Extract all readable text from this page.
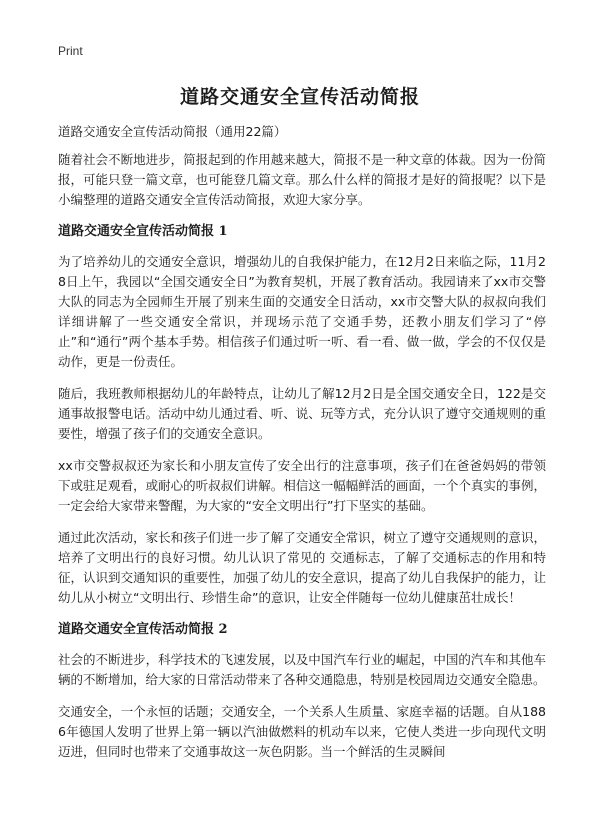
Print
道路交通安全宣传活动简报
道路交通安全宣传活动简报（通用22篇）

随着社会不断地进步，简报起到的作用越来越大，简报不是一种文章的体裁。因为一份简报，可能只登一篇文章，也可能登几篇文章。那么什么样的简报才是好的简报呢？以下是小编整理的道路交通安全宣传活动简报，欢迎大家分享。

道路交通安全宣传活动简报 1

为了培养幼儿的交通安全意识，增强幼儿的自我保护能力，在12月2日来临之际，11月28日上午，我园以“全国交通安全日”为教育契机，开展了教育活动。我园请来了xx市交警大队的同志为全园师生开展了别来生面的交通安全日活动，xx市交警大队的叔叔向我们详细讲解了一些交通安全常识，并现场示范了交通手势，还教小朋友们学习了“停止”和“通行”两个基本手势。相信孩子们通过听一听、看一看、做一做，学会的不仅仅是动作，更是一份责任。

随后，我班教师根据幼儿的年龄特点，让幼儿了解12月2日是全国交通安全日，122是交通事故报警电话。活动中幼儿通过看、听、说、玩等方式，充分认识了遵守交通规则的重要性，增强了孩子们的交通安全意识。

xx市交警叔叔还为家长和小朋友宣传了安全出行的注意事项，孩子们在爸爸妈妈的带领下或驻足观看，或耐心的听叔叔们讲解。相信这一幅幅鲜活的画面，一个个真实的事例，一定会给大家带来警醒，为大家的“安全文明出行”打下坚实的基础。

通过此次活动，家长和孩子们进一步了解了交通安全常识，树立了遵守交通规则的意识，培养了文明出行的良好习惯。幼儿认识了常见的 交通标志，了解了交通标志的作用和特征，认识到交通知识的重要性，加强了幼儿的安全意识，提高了幼儿自我保护的能力，让幼儿从小树立“文明出行、珍惜生命”的意识，让安全伴随每一位幼儿健康茁壮成长！

道路交通安全宣传活动简报 2

社会的不断进步，科学技术的飞速发展，以及中国汽车行业的崛起，中国的汽车和其他车辆的不断增加，给大家的日常活动带来了各种交通隐患，特别是校园周边交通安全隐患。

交通安全，一个永恒的话题；交通安全，一个关系人生质量、家庭幸福的话题。自从1886年德国人发明了世界上第一辆以汽油做燃料的机动车以来，它使人类进一步向现代文明迈进，但同时也带来了交通事故这一灰色阴影。当一个鲜活的生灵瞬间
